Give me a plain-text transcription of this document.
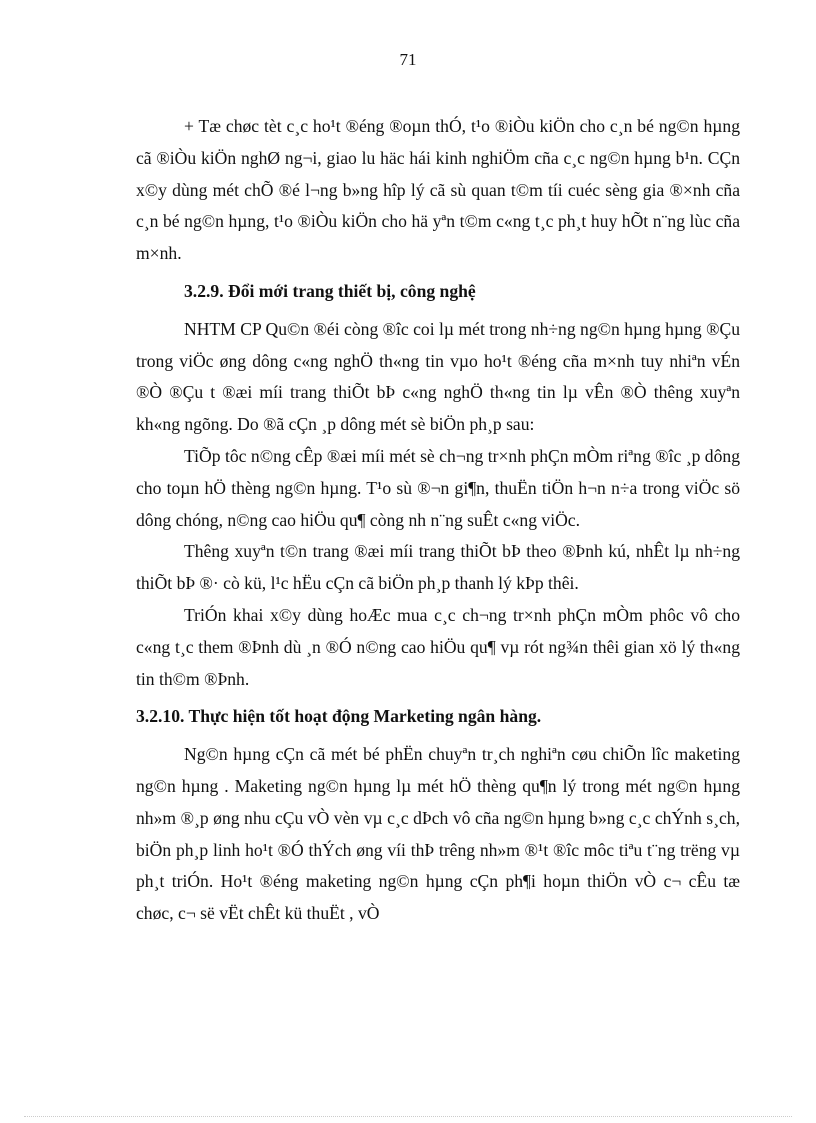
71

+ Tæ chøc tèt c¸c ho¹t ®éng ®oµn thÓ, t¹o ®iÒu kiÖn cho c¸n bé ng©n hµng cã ®iÒu kiÖn nghØ ng¬i, giao lu häc hái kinh nghiÖm cña c¸c ng©n hµng b¹n. CÇn x©y dùng mét chÕ ®é l¬ng b»ng hîp lý cã sù quan t©m tíi cuéc sèng gia ®×nh cña c¸n bé ng©n hµng, t¹o ®iÒu kiÖn cho hä yªn t©m c«ng t¸c ph¸t huy hÕt n¨ng lùc cña m×nh.

3.2.9. Đổi mới trang thiết bị, công nghệ

NHTM CP Qu©n ®éi còng ®îc coi lµ mét trong nh÷ng ng©n hµng hµng ®Çu trong viÖc øng dông c«ng nghÖ th«ng tin vµo ho¹t ®éng cña m×nh tuy nhiªn vÉn ®Ò ®Çu t ®æi míi trang thiÕt bÞ c«ng nghÖ th«ng tin lµ vÊn ®Ò thêng xuyªn kh«ng ngõng. Do ®ã cÇn ¸p dông mét sè biÖn ph¸p sau:

TiÕp tôc n©ng cÊp ®æi míi mét sè ch¬ng tr×nh phÇn mÒm riªng ®îc ¸p dông cho toµn hÖ thèng ng©n hµng. T¹o sù ®¬n gi¶n, thuËn tiÖn h¬n n÷a trong viÖc sö dông chóng, n©ng cao hiÖu qu¶ còng nh n¨ng suÊt c«ng viÖc.

Thêng xuyªn t©n trang ®æi míi trang thiÕt bÞ theo ®Þnh kú, nhÊt lµ nh÷ng thiÕt bÞ ®· cò kü, l¹c hËu cÇn cã biÖn ph¸p thanh lý kÞp thêi.

TriÓn khai x©y dùng hoÆc mua c¸c ch¬ng tr×nh phÇn mÒm phôc vô cho c«ng t¸c them ®Þnh dù ¸n ®Ó n©ng cao hiÖu qu¶ vµ rót ng¾n thêi gian xö lý th«ng tin th©m ®Þnh.

3.2.10. Thực hiện tốt hoạt động Marketing ngân hàng.

Ng©n hµng cÇn cã mét bé phËn chuyªn tr¸ch nghiªn cøu chiÕn lîc maketing ng©n hµng . Maketing ng©n hµng lµ mét hÖ thèng qu¶n lý trong mét ng©n hµng nh»m ®¸p øng nhu cÇu vÒ vèn vµ c¸c dÞch vô cña ng©n hµng b»ng c¸c chÝnh s¸ch, biÖn ph¸p linh ho¹t ®Ó thÝch øng víi thÞ trêng nh»m ®¹t ®îc môc tiªu t¨ng trëng vµ ph¸t triÓn. Ho¹t ®éng maketing ng©n hµng cÇn ph¶i hoµn thiÖn vÒ c¬ cÊu tæ chøc, c¬ së vËt chÊt kü thuËt , vÒ
